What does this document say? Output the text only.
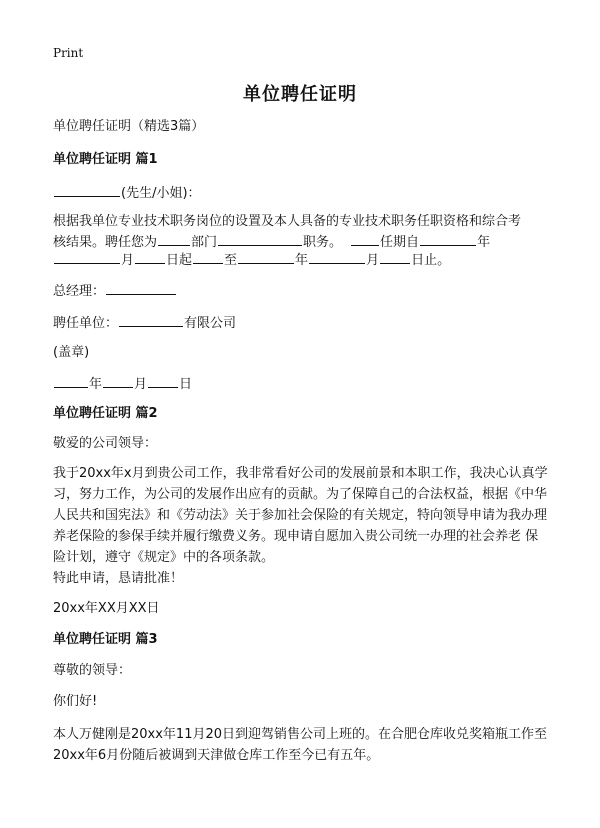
Print
单位聘任证明
单位聘任证明（精选3篇）
单位聘任证明 篇1
(先生/小姐)：
根据我单位专业技术职务岗位的设置及本人具备的专业技术职务任职资格和综合考
核结果。聘任您为	部门	职务。	任期自	年
月 日起 至	年	月 日止。
总经理：
聘任单位：	有限公司
(盖章)
年 月 日
单位聘任证明 篇2
敬爱的公司领导：
我于20xx年x月到贵公司工作，我非常看好公司的发展前景和本职工作，我决心认真学习，努力工作，为公司的发展作出应有的贡献。为了保障自己的合法权益，根据《中华人民共和国宪法》和《劳动法》关于参加社会保险的有关规定，特向领导申请为我办理养老保险的参保手续并履行缴费义务。现申请自愿加入贵公司统一办理的社会养老 保险计划，遵守《规定》中的各项条款。
特此申请，恳请批准！
20xx年XX月XX日
单位聘任证明 篇3
尊敬的领导：
你们好!
本人万健刚是20xx年11月20日到迎驾销售公司上班的。在合肥仓库收兑奖箱瓶工作至20xx年6月份随后被调到天津做仓库工作至今已有五年。
